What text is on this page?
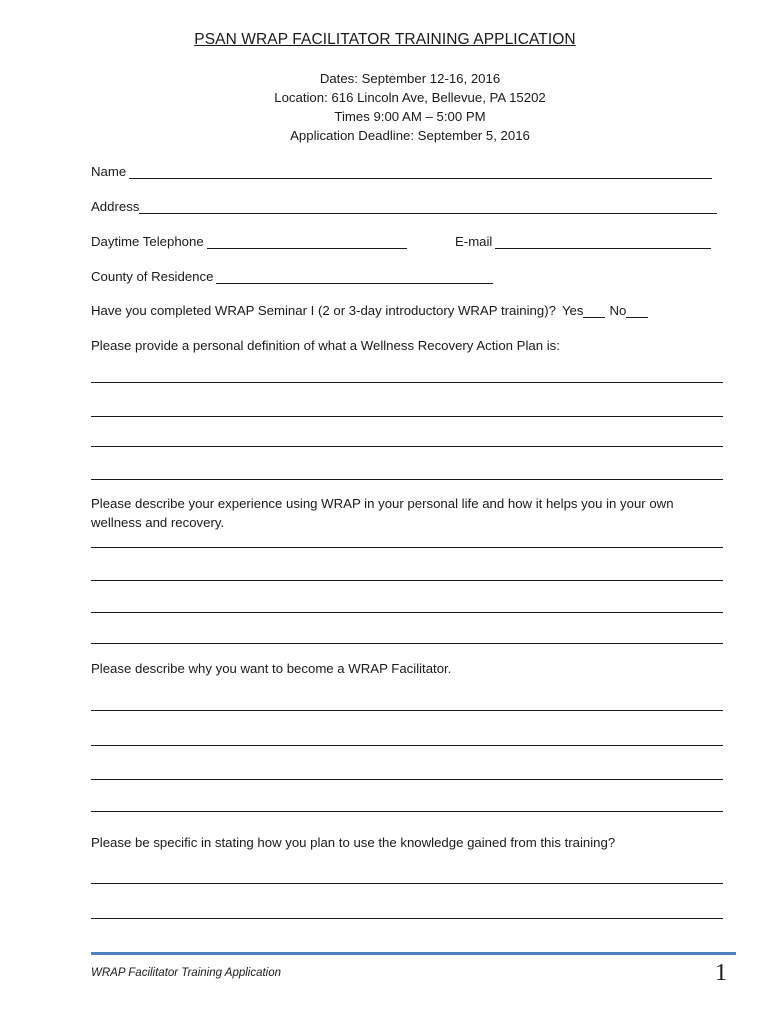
PSAN WRAP FACILITATOR TRAINING APPLICATION
Dates: September 12-16, 2016
Location: 616 Lincoln Ave, Bellevue, PA 15202
Times 9:00 AM – 5:00 PM
Application Deadline: September 5, 2016
Name
Address
Daytime Telephone	E-mail
County of Residence
Have you completed WRAP Seminar I (2 or 3-day introductory WRAP training)? Yes No
Please provide a personal definition of what a Wellness Recovery Action Plan is:
Please describe your experience using WRAP in your personal life and how it helps you in your own wellness and recovery.
Please describe why you want to become a WRAP Facilitator.
Please be specific in stating how you plan to use the knowledge gained from this training?
WRAP Facilitator Training Application	1
